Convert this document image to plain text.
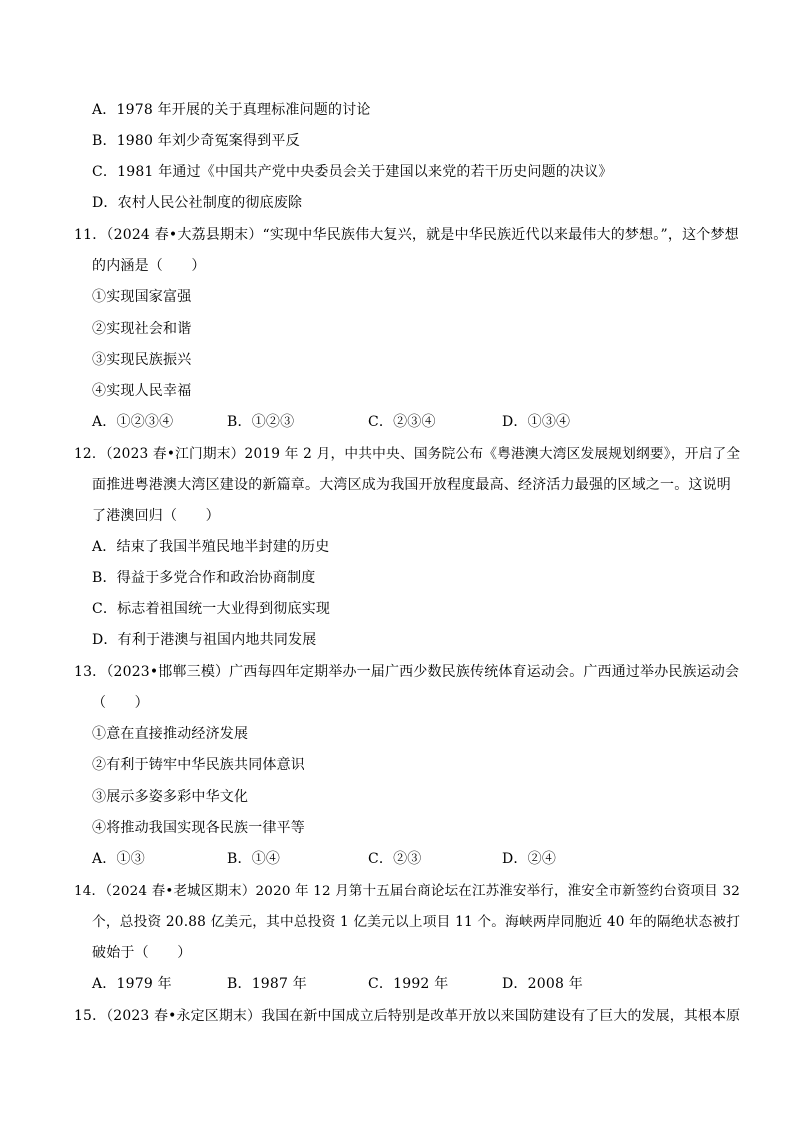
A．1978 年开展的关于真理标准问题的讨论
B．1980 年刘少奇冤案得到平反
C．1981 年通过《中国共产党中央委员会关于建国以来党的若干历史问题的决议》
D．农村人民公社制度的彻底废除
11．（2024 春•大荔县期末）“实现中华民族伟大复兴，就是中华民族近代以来最伟大的梦想。”，这个梦想
的内涵是（　　）
①实现国家富强
②实现社会和谐
③实现民族振兴
④实现人民幸福
A．①②③④	B．①②③	C．②③④	D．①③④
12．（2023 春•江门期末）2019 年 2 月，中共中央、国务院公布《粤港澳大湾区发展规划纲要》，开启了全
面推进粤港澳大湾区建设的新篇章。大湾区成为我国开放程度最高、经济活力最强的区域之一。这说明
了港澳回归（　　）
A．结束了我国半殖民地半封建的历史
B．得益于多党合作和政治协商制度
C．标志着祖国统一大业得到彻底实现
D．有利于港澳与祖国内地共同发展
13．（2023•邯郸三模）广西每四年定期举办一届广西少数民族传统体育运动会。广西通过举办民族运动会
（　　）
①意在直接推动经济发展
②有利于铸牢中华民族共同体意识
③展示多姿多彩中华文化
④将推动我国实现各民族一律平等
A．①③	B．①④	C．②③	D．②④
14．（2024 春•老城区期末）2020 年 12 月第十五届台商论坛在江苏淮安举行，淮安全市新签约台资项目 32
个，总投资 20.88 亿美元，其中总投资 1 亿美元以上项目 11 个。海峡两岸同胞近 40 年的隔绝状态被打
破始于（　　）
A．1979 年	B．1987 年	C．1992 年	D．2008 年
15．（2023 春•永定区期末）我国在新中国成立后特别是改革开放以来国防建设有了巨大的发展，其根本原
